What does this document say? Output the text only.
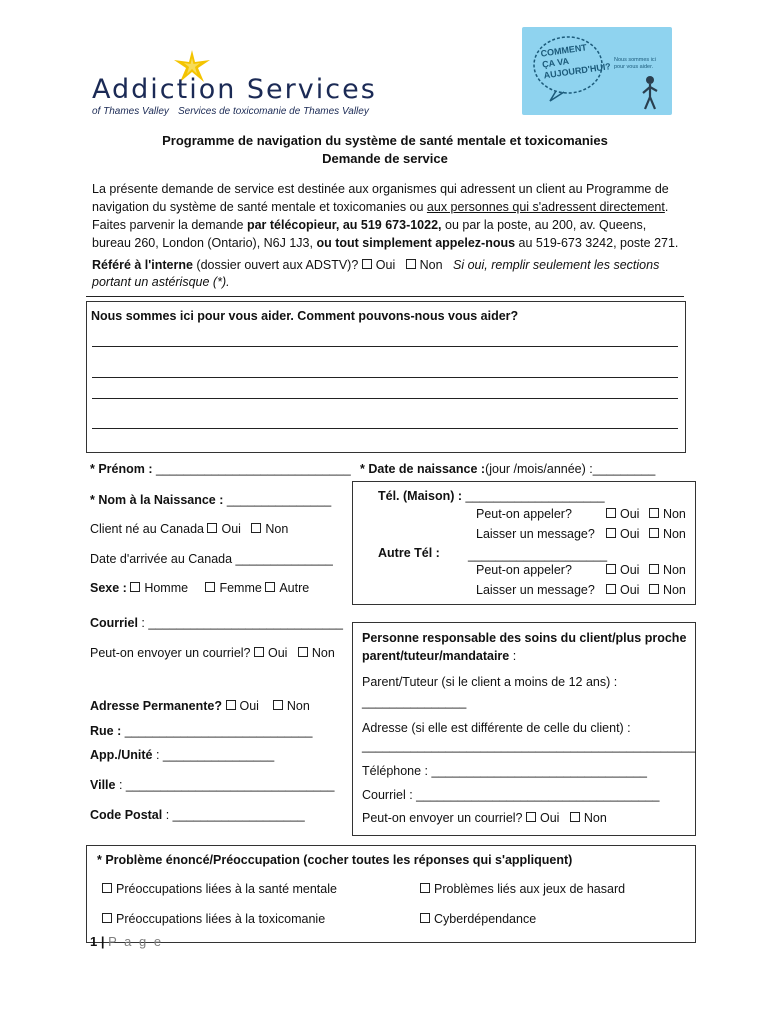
Addiction Services
of Thames Valley Services de toxicomanie de Thames Valley
COMMENT ÇA VA AUJOURD'HUI?
Nous sommes ici pour vous aider.
Programme de navigation du système de santé mentale et toxicomanies
Demande de service
La présente demande de service est destinée aux organismes qui adressent un client au Programme de
navigation du système de santé mentale et toxicomanies ou aux personnes qui s'adressent directement.
Faites parvenir la demande par télécopieur, au 519 673-1022, ou par la poste, au 200, av. Queens,
bureau 260, London (Ontario), N6J 1J3, ou tout simplement appelez-nous au 519-673 3242, poste 271.
Référé à l'interne (dossier ouvert aux ADSTV)? Oui Non Si oui, remplir seulement les sections
portant un astérisque (*).
Nous sommes ici pour vous aider. Comment pouvons-nous vous aider?
* Prénom : ____________________________ * Date de naissance :(jour /mois/année) :_________
* Nom à la Naissance : _______________
Client né au Canada Oui Non
Date d'arrivée au Canada ______________
Sexe : Homme	Femme Autre
Courriel : ____________________________
Peut-on envoyer un courriel? Oui Non
Adresse Permanente? Oui Non
Rue : ___________________________
App./Unité : ________________
Ville : ______________________________
Code Postal : ___________________
Tél. (Maison) : ____________________
Peut-on appeler?	Oui Non
Laisser un message?	Oui Non
Autre Tél : ____________________
Peut-on appeler?	Oui Non
Laisser un message?	Oui Non
Personne responsable des soins du client/plus proche
parent/tuteur/mandataire :
Parent/Tuteur (si le client a moins de 12 ans) :
_______________
Adresse (si elle est différente de celle du client) :
________________________________________________
Téléphone : _______________________________
Courriel : ___________________________________
Peut-on envoyer un courriel? Oui Non
* Problème énoncé/Préoccupation (cocher toutes les réponses qui s'appliquent)
Préoccupations liées à la santé mentale	Problèmes liés aux jeux de hasard
Préoccupations liées à la toxicomanie	Cyberdépendance
1 | P a g e
